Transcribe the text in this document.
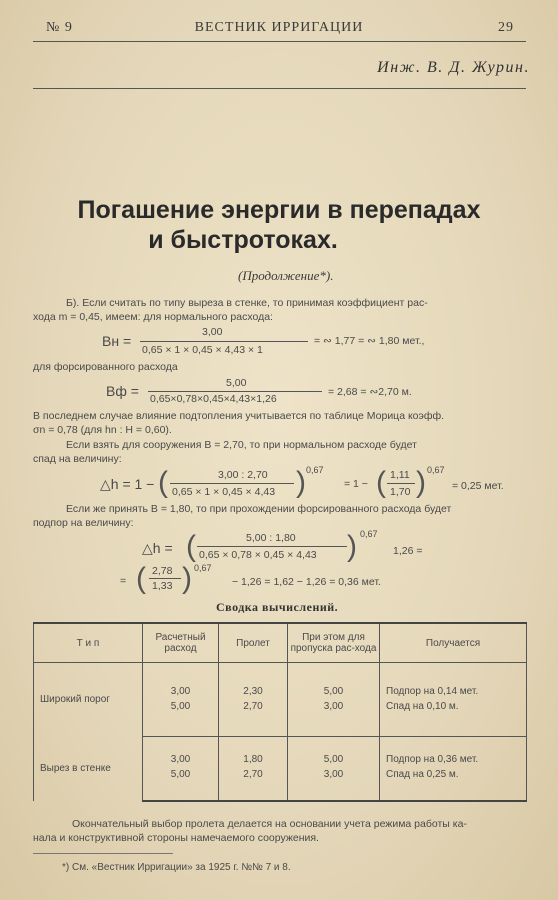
№ 9	ВЕСТНИК ИРРИГАЦИИ	29
Инж. В. Д. Журин.
Погашение энергии в перепадах
и быстротоках.
(Продолжение*).
Б). Если считать по типу выреза в стенке, то принимая коэффициент рас-
хода m = 0,45, имеем: для нормального расхода:
Bн =
3,00
0,65 × 1 × 0,45 × 4,43 × 1
= ∾ 1,77 = ∾ 1,80 мет.,
для форсированного расхода
Bф =	5,00
0,65×0,78×0,45×4,43×1,26
= 2,68 = ∾2,70 м.
В последнем случае влияние подтопления учитывается по таблице Морица коэфф.
σn = 0,78 (для hn : H = 0,60).
Если взять для сооружения B = 2,70, то при нормальном расходе будет
спад на величину:
△h = 1 − (	3,00 : 2,70
0,65 × 1 × 0,45 × 4,43 ) 0,67
= 1 − ( 1,11
1,70 ) 0,67
= 0,25 мет.
Если же принять B = 1,80, то при прохождении форсированного расхода будет
подпор на величину:
△h = (	5,00 : 1,80
0,65 × 0,78 × 0,45 × 4,43 ) 0,67
1,26 =
= ( 2,78
1,33 ) 0,67
− 1,26 = 1,62 − 1,26 = 0,36 мет.
Сводка вычислений.
Т и п	Расчетный расход	Пролет	При этом для пропуска рас-хода	Получается
Широкий порог	3,00	2,30	5,00	Подпор на 0,14 мет.
	5,00	2,70	3,00	Спад на 0,10 м.
Вырез в стенке	3,00	1,80	5,00	Подпор на 0,36 мет.
	5,00	2,70	3,00	Спад на 0,25 м.
Окончательный выбор пролета делается на основании учета режима работы ка-
нала и конструктивной стороны намечаемого сооружения.
*) См. «Вестник Ирригации» за 1925 г. №№ 7 и 8.
